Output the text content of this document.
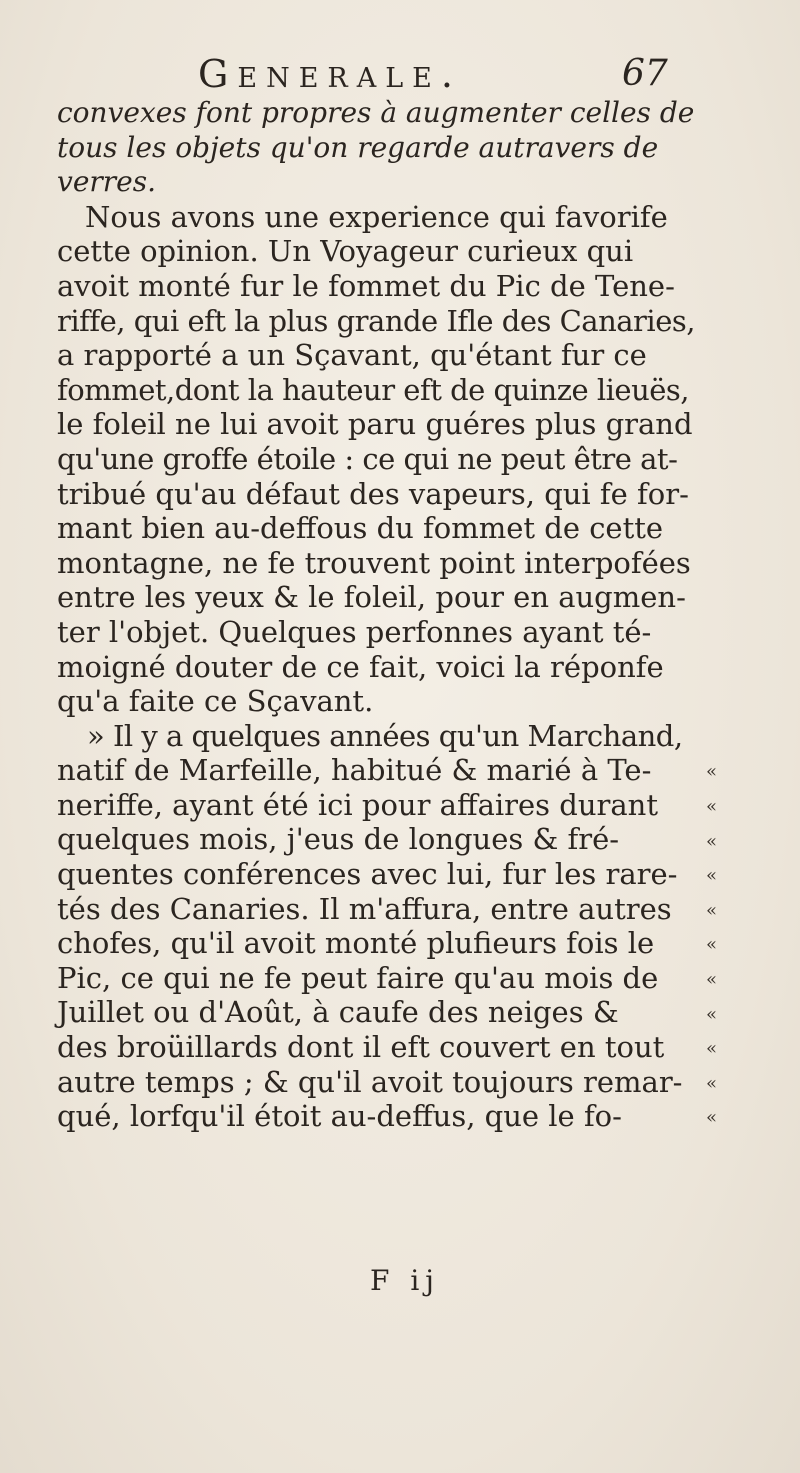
Generale.	67
convexes font propres à augmenter celles de
tous les objets qu'on regarde autravers de
verres.
Nous avons une experience qui favorife
cette opinion. Un Voyageur curieux qui
avoit monté fur le fommet du Pic de Tene-
riffe, qui eft la plus grande Ifle des Canaries,
a rapporté a un Sçavant, qu'étant fur ce
fommet,dont la hauteur eft de quinze lieuës,
le foleil ne lui avoit paru guéres plus grand
qu'une groffe étoile : ce qui ne peut être at-
tribué qu'au défaut des vapeurs, qui fe for-
mant bien au-deffous du fommet de cette
montagne, ne fe trouvent point interpofées
entre les yeux & le foleil, pour en augmen-
ter l'objet. Quelques perfonnes ayant té-
moigné douter de ce fait, voici la réponfe
qu'a faite ce Sçavant.
» Il y a quelques années qu'un Marchand,
natif de Marfeille, habitué & marié à Te-
neriffe, ayant été ici pour affaires durant
quelques mois, j'eus de longues & fré-
quentes conférences avec lui, fur les rare-
tés des Canaries. Il m'affura, entre autres
chofes, qu'il avoit monté plufieurs fois le
Pic, ce qui ne fe peut faire qu'au mois de
Juillet ou d'Août, à caufe des neiges &
des broüillards dont il eft couvert en tout
autre temps ; & qu'il avoit toujours remar-
qué, lorfqu'il étoit au-deffus, que le fo-
«
«
«
«
«
«
«
«
«
«
«
F ij
